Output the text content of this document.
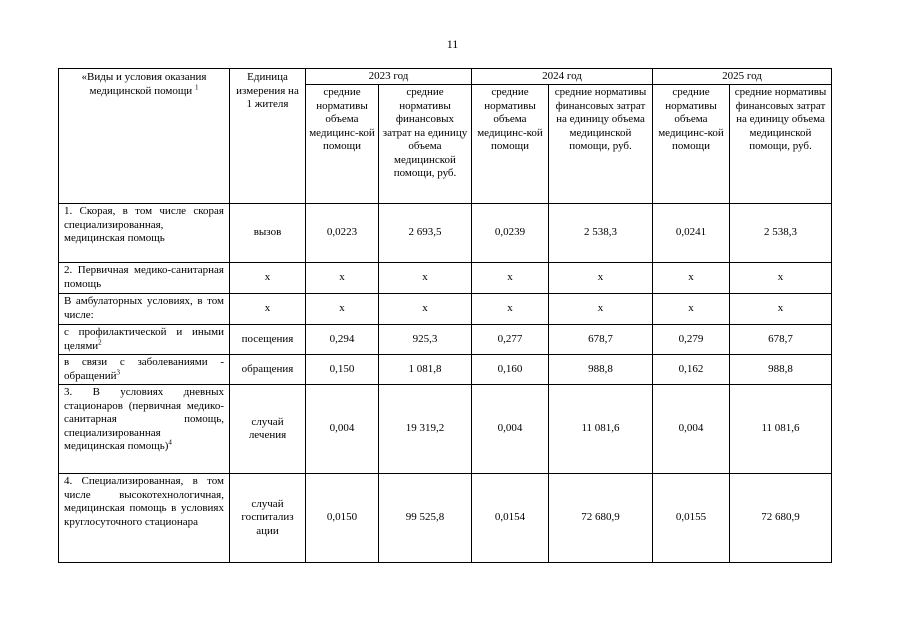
11
«Виды и условия оказания медицинской помощи $^1$	Единица измерения на 1 жителя	2023 год		2024 год		2025 год	
		средние нормативы объема медицинс-кой помощи	средние нормативы финансовых затрат на единицу объема медицинской помощи, руб.	средние нормативы объема медицинс-кой помощи	средние нормативы финансовых затрат на единицу объема медицинской помощи, руб.	средние нормативы объема медицинс-кой помощи	средние нормативы финансовых затрат на единицу объема медицинской помощи, руб.
1. Скорая, в том числе скорая специализированная, медицинская помощь	вызов	0,0223	2 693,5	0,0239	2 538,3	0,0241	2 538,3
2. Первичная медико-санитарная помощь	х	х	х	х	х	х	х
В амбулаторных условиях, в том числе:	х	х	х	х	х	х	х
с профилактической и иными целями$^2$	посещения	0,294	925,3	0,277	678,7	0,279	678,7
в связи с заболеваниями - обращений$^3$	обращения	0,150	1 081,8	0,160	988,8	0,162	988,8
3. В условиях дневных стационаров (первичная медико-санитарная помощь, специализированная медицинская помощь)$^4$	случай лечения	0,004	19 319,2	0,004	11 081,6	0,004	11 081,6
4. Специализированная, в том числе высокотехнологичная, медицинская помощь в условиях круглосуточного стационара	случай госпитализ ации	0,0150	99 525,8	0,0154	72 680,9	0,0155	72 680,9
